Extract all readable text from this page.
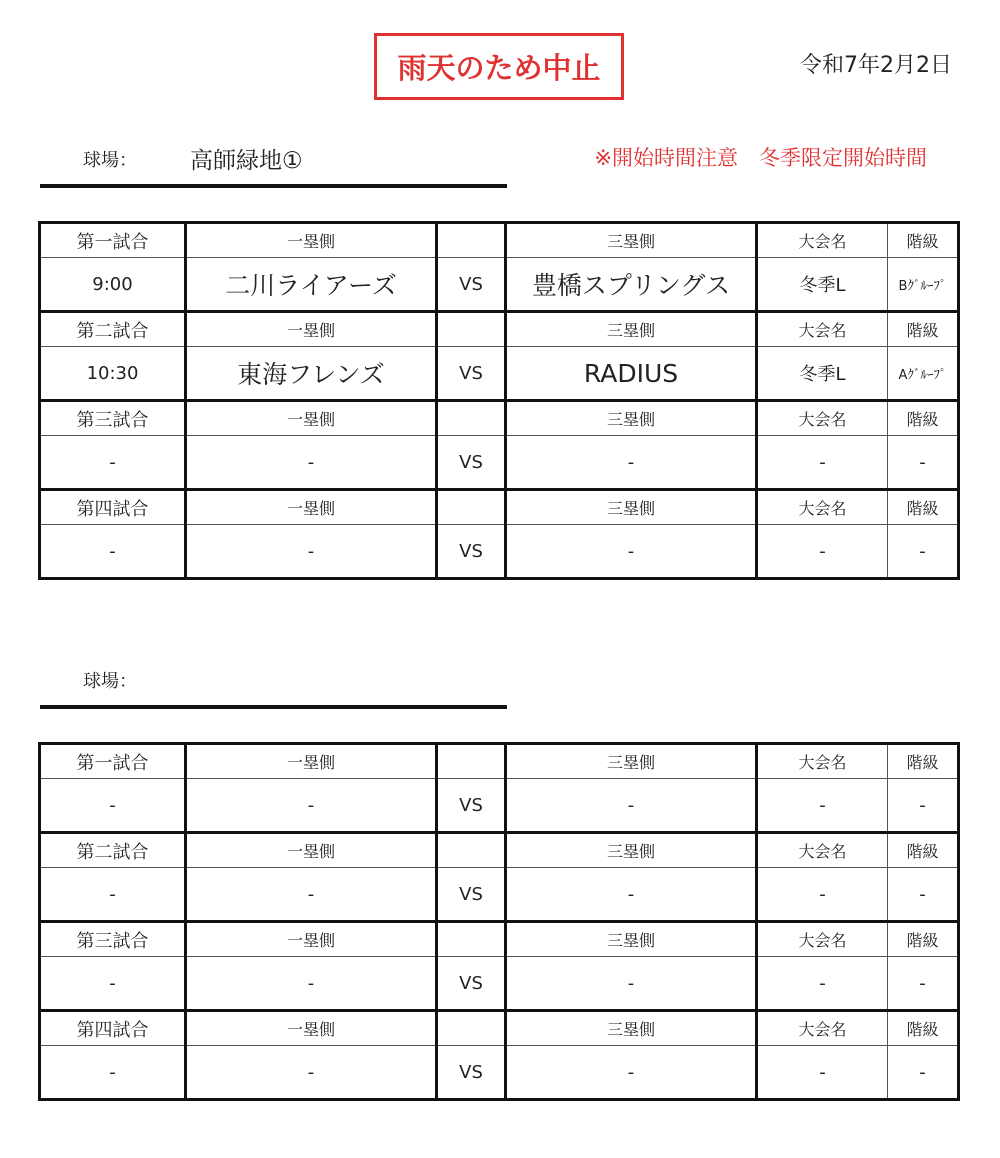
雨天のため中止	令和7年2月2日
球場： 高師緑地①	※開始時間注意　冬季限定開始時間
第一試合	一塁側		三塁側	大会名	階級
9:00	二川ライアーズ	VS	豊橋スプリングス	冬季L	Bｸﾞﾙｰﾌﾟ
第二試合	一塁側		三塁側	大会名	階級
10:30	東海フレンズ	VS	RADIUS	冬季L	Aｸﾞﾙｰﾌﾟ
第三試合	一塁側		三塁側	大会名	階級
-	-	VS	-	-	-
第四試合	一塁側		三塁側	大会名	階級
-	-	VS	-	-	-
球場：
第一試合	一塁側		三塁側	大会名	階級
-	-	VS	-	-	-
第二試合	一塁側		三塁側	大会名	階級
-	-	VS	-	-	-
第三試合	一塁側		三塁側	大会名	階級
-	-	VS	-	-	-
第四試合	一塁側		三塁側	大会名	階級
-	-	VS	-	-	-
